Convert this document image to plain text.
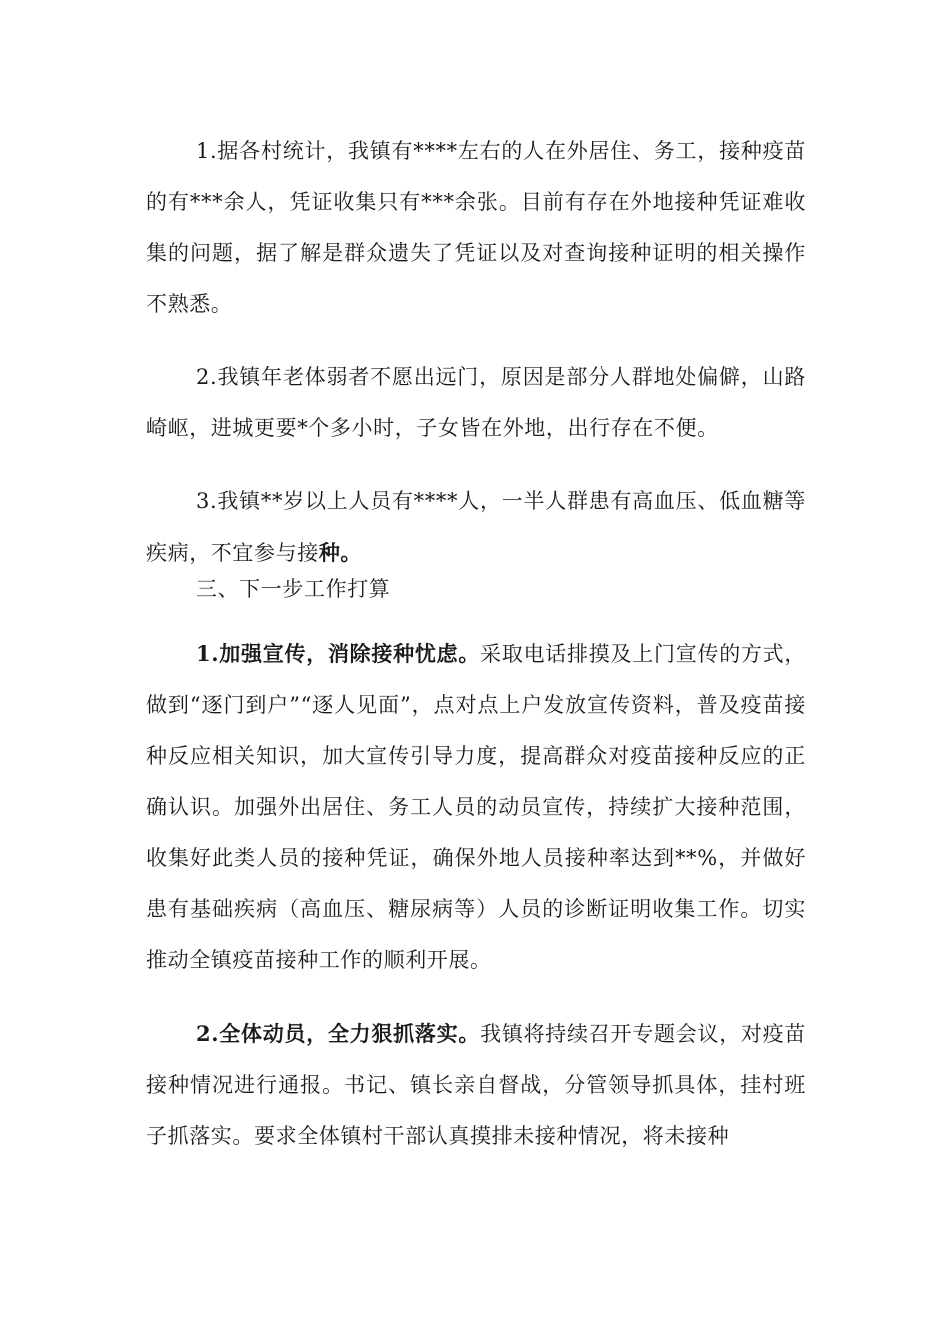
1.据各村统计，我镇有****左右的人在外居住、务工，接种疫苗的有***余人，凭证收集只有***余张。目前有存在外地接种凭证难收集的问题，据了解是群众遗失了凭证以及对查询接种证明的相关操作不熟悉。

2.我镇年老体弱者不愿出远门，原因是部分人群地处偏僻，山路崎岖，进城更要*个多小时，子女皆在外地，出行存在不便。

3.我镇**岁以上人员有****人，一半人群患有高血压、低血糖等疾病，不宜参与接种。

三、下一步工作打算

1.加强宣传，消除接种忧虑。采取电话排摸及上门宣传的方式，做到“逐门到户”“逐人见面”，点对点上户发放宣传资料，普及疫苗接种反应相关知识，加大宣传引导力度，提高群众对疫苗接种反应的正确认识。加强外出居住、务工人员的动员宣传，持续扩大接种范围，收集好此类人员的接种凭证，确保外地人员接种率达到**%，并做好患有基础疾病（高血压、糖尿病等）人员的诊断证明收集工作。切实推动全镇疫苗接种工作的顺利开展。

2.全体动员，全力狠抓落实。我镇将持续召开专题会议，对疫苗接种情况进行通报。书记、镇长亲自督战，分管领导抓具体，挂村班子抓落实。要求全体镇村干部认真摸排未接种情况，将未接种
